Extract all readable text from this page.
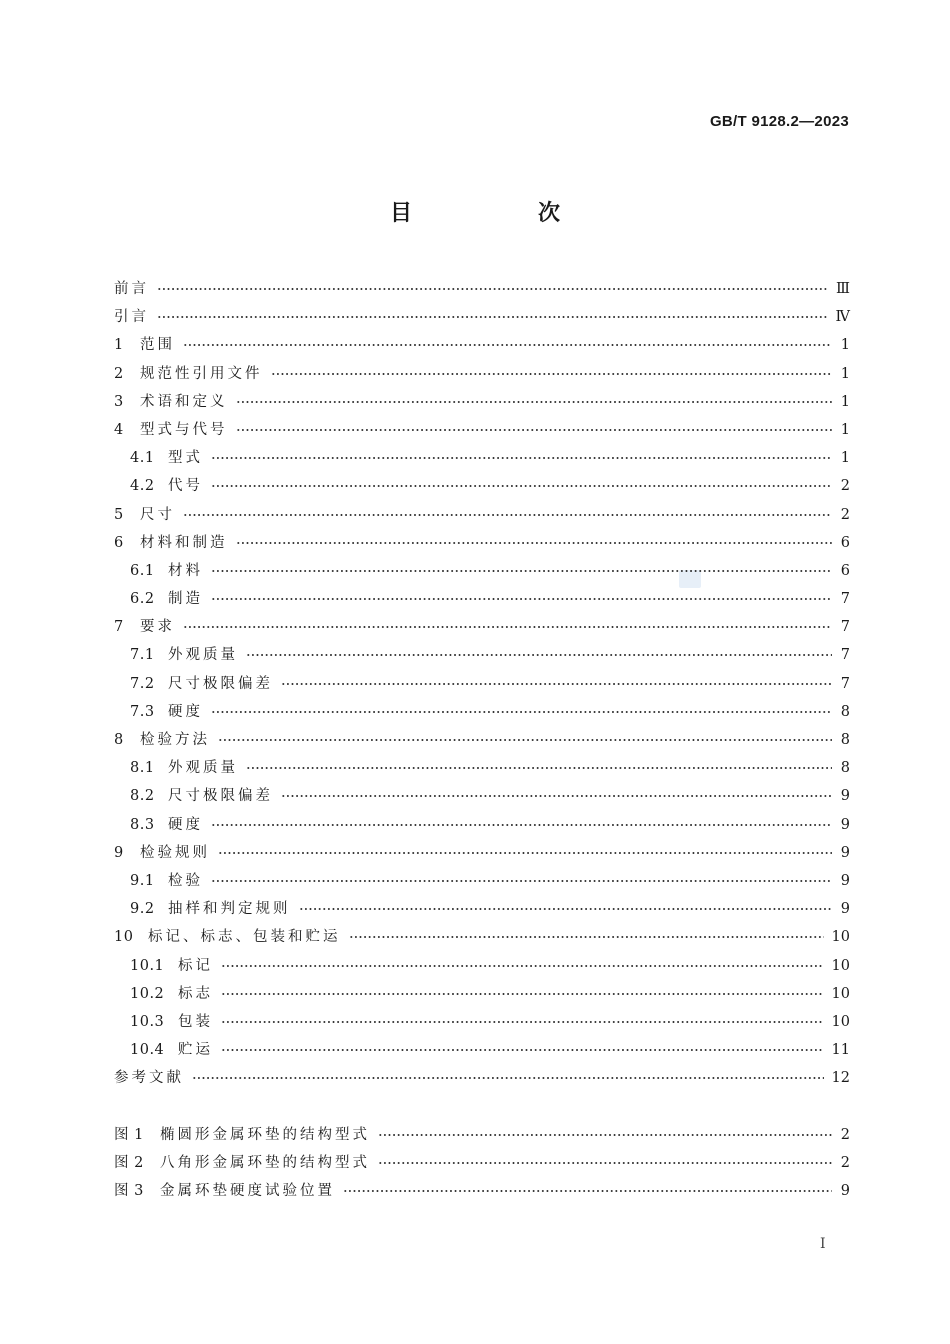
GB/T 9128.2—2023
目　次
前言	Ⅲ
引言	Ⅳ
1	范围	1
2	规范性引用文件	1
3	术语和定义	1
4	型式与代号	1
4.1 型式	1
4.2 代号	2
5	尺寸	2
6	材料和制造	6
6.1 材料	6
6.2 制造	7
7	要求	7
7.1 外观质量	7
7.2 尺寸极限偏差	7
7.3 硬度	8
8	检验方法	8
8.1 外观质量	8
8.2 尺寸极限偏差	9
8.3 硬度	9
9	检验规则	9
9.1 检验	9
9.2 抽样和判定规则	9
10	标记、标志、包装和贮运	10
10.1 标记	10
10.2 标志	10
10.3 包装	10
10.4 贮运	11
参考文献	12
图 1	椭圆形金属环垫的结构型式	2
图 2	八角形金属环垫的结构型式	2
图 3	金属环垫硬度试验位置	9
Ⅰ
